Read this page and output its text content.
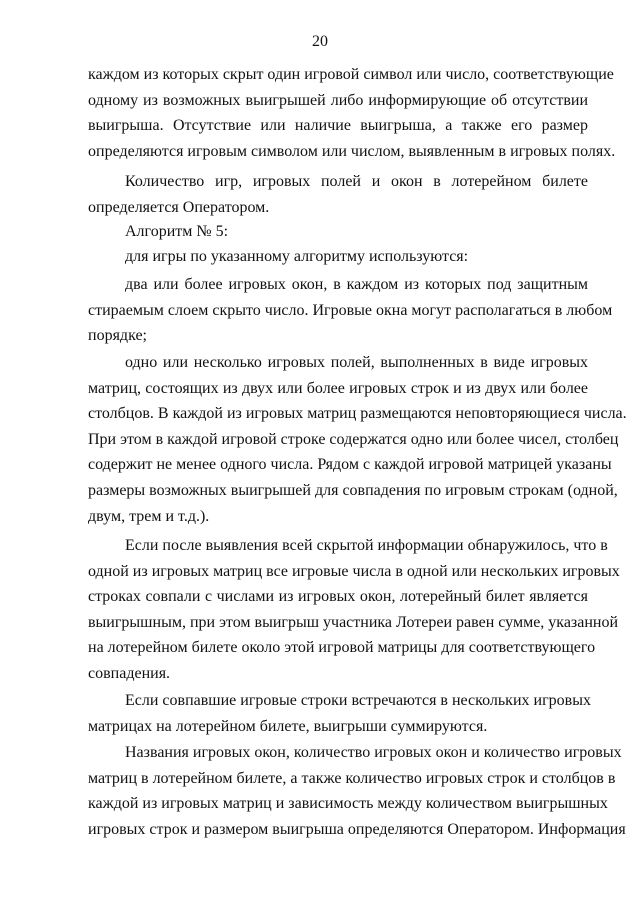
20
каждом из которых скрыт один игровой символ или число, соответствующие
одному из возможных выигрышей либо информирующие об отсутствии
выигрыша. Отсутствие или наличие выигрыша, а также его размер
определяются игровым символом или числом, выявленным в игровых полях.
Количество игр, игровых полей и окон в лотерейном билете
определяется Оператором.
Алгоритм № 5:
для игры по указанному алгоритму используются:
два или более игровых окон, в каждом из которых под защитным
стираемым слоем скрыто число. Игровые окна могут располагаться в любом
порядке;
одно или несколько игровых полей, выполненных в виде игровых
матриц, состоящих из двух или более игровых строк и из двух или более
столбцов. В каждой из игровых матриц размещаются неповторяющиеся числа.
При этом в каждой игровой строке содержатся одно или более чисел, столбец
содержит не менее одного числа. Рядом с каждой игровой матрицей указаны
размеры возможных выигрышей для совпадения по игровым строкам (одной,
двум, трем и т.д.).
Если после выявления всей скрытой информации обнаружилось, что в
одной из игровых матриц все игровые числа в одной или нескольких игровых
строках совпали с числами из игровых окон, лотерейный билет является
выигрышным, при этом выигрыш участника Лотереи равен сумме, указанной
на лотерейном билете около этой игровой матрицы для соответствующего
совпадения.
Если совпавшие игровые строки встречаются в нескольких игровых
матрицах на лотерейном билете, выигрыши суммируются.
Названия игровых окон, количество игровых окон и количество игровых
матриц в лотерейном билете, а также количество игровых строк и столбцов в
каждой из игровых матриц и зависимость между количеством выигрышных
игровых строк и размером выигрыша определяются Оператором. Информация
